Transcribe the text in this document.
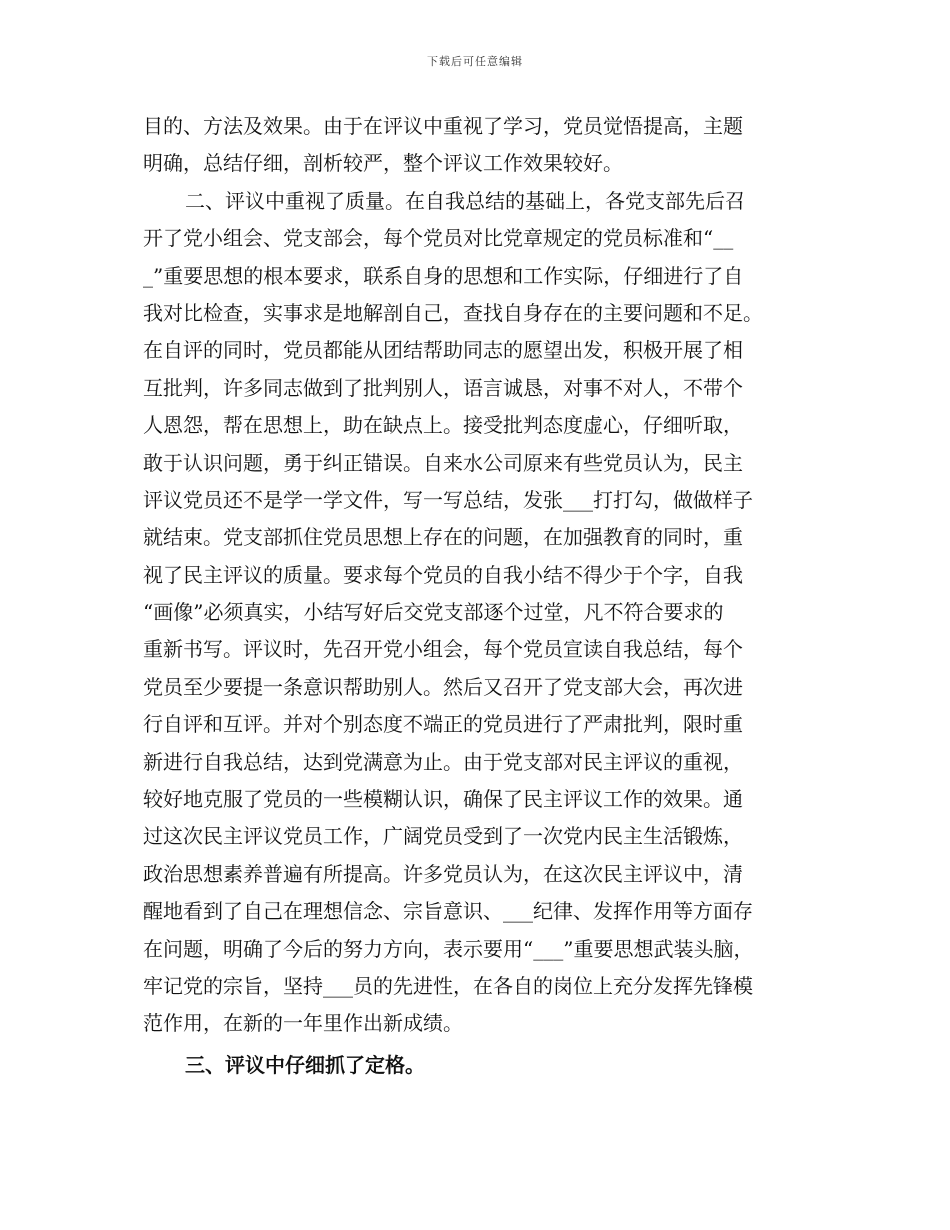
下载后可任意编辑
目的、方法及效果。由于在评议中重视了学习，党员觉悟提高，主题
明确，总结仔细，剖析较严，整个评议工作效果较好。
二、评议中重视了质量。在自我总结的基础上，各党支部先后召
开了党小组会、党支部会，每个党员对比党章规定的党员标准和“__
_”重要思想的根本要求，联系自身的思想和工作实际，仔细进行了自
我对比检查，实事求是地解剖自己，查找自身存在的主要问题和不足。
在自评的同时，党员都能从团结帮助同志的愿望出发，积极开展了相
互批判，许多同志做到了批判别人，语言诚恳，对事不对人，不带个
人恩怨，帮在思想上，助在缺点上。接受批判态度虚心，仔细听取，
敢于认识问题，勇于纠正错误。自来水公司原来有些党员认为，民主
评议党员还不是学一学文件，写一写总结，发张___打打勾，做做样子
就结束。党支部抓住党员思想上存在的问题，在加强教育的同时，重
视了民主评议的质量。要求每个党员的自我小结不得少于个字，自我
“画像”必须真实，小结写好后交党支部逐个过堂，凡不符合要求的
重新书写。评议时，先召开党小组会，每个党员宣读自我总结，每个
党员至少要提一条意识帮助别人。然后又召开了党支部大会，再次进
行自评和互评。并对个别态度不端正的党员进行了严肃批判，限时重
新进行自我总结，达到党满意为止。由于党支部对民主评议的重视，
较好地克服了党员的一些模糊认识，确保了民主评议工作的效果。通
过这次民主评议党员工作，广阔党员受到了一次党内民主生活锻炼，
政治思想素养普遍有所提高。许多党员认为，在这次民主评议中，清
醒地看到了自己在理想信念、宗旨意识、___纪律、发挥作用等方面存
在问题，明确了今后的努力方向，表示要用“___”重要思想武装头脑，
牢记党的宗旨，坚持___员的先进性，在各自的岗位上充分发挥先锋模
范作用，在新的一年里作出新成绩。
三、评议中仔细抓了定格。
